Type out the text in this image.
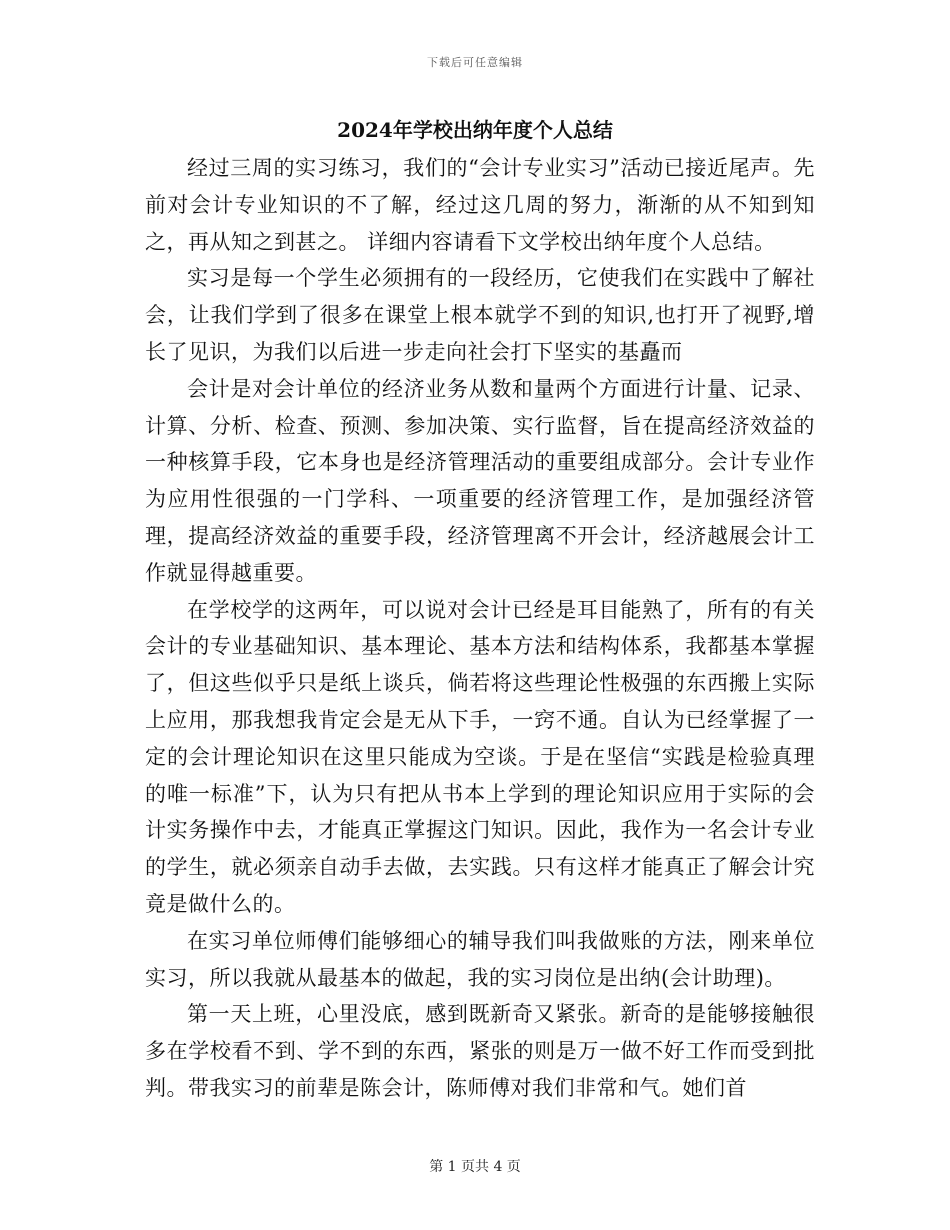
下载后可任意编辑
2024年学校出纳年度个人总结

经过三周的实习练习，我们的“会计专业实习”活动已接近尾声。先前对会计专业知识的不了解，经过这几周的努力，渐渐的从不知到知之，再从知之到甚之。 详细内容请看下文学校出纳年度个人总结。

实习是每一个学生必须拥有的一段经历，它使我们在实践中了解社会，让我们学到了很多在课堂上根本就学不到的知识,也打开了视野,增长了见识，为我们以后进一步走向社会打下坚实的基矗而

会计是对会计单位的经济业务从数和量两个方面进行计量、记录、计算、分析、检查、预测、参加决策、实行监督，旨在提高经济效益的一种核算手段，它本身也是经济管理活动的重要组成部分。会计专业作为应用性很强的一门学科、一项重要的经济管理工作，是加强经济管理，提高经济效益的重要手段，经济管理离不开会计，经济越展会计工作就显得越重要。

在学校学的这两年，可以说对会计已经是耳目能熟了，所有的有关会计的专业基础知识、基本理论、基本方法和结构体系，我都基本掌握了，但这些似乎只是纸上谈兵，倘若将这些理论性极强的东西搬上实际上应用，那我想我肯定会是无从下手，一窍不通。自认为已经掌握了一定的会计理论知识在这里只能成为空谈。于是在坚信“实践是检验真理的唯一标准”下，认为只有把从书本上学到的理论知识应用于实际的会计实务操作中去，才能真正掌握这门知识。因此，我作为一名会计专业的学生，就必须亲自动手去做，去实践。只有这样才能真正了解会计究竟是做什么的。

在实习单位师傅们能够细心的辅导我们叫我做账的方法，刚来单位实习，所以我就从最基本的做起，我的实习岗位是出纳(会计助理)。

第一天上班，心里没底，感到既新奇又紧张。新奇的是能够接触很多在学校看不到、学不到的东西，紧张的则是万一做不好工作而受到批判。带我实习的前辈是陈会计，陈师傅对我们非常和气。她们首

第 1 页共 4 页
